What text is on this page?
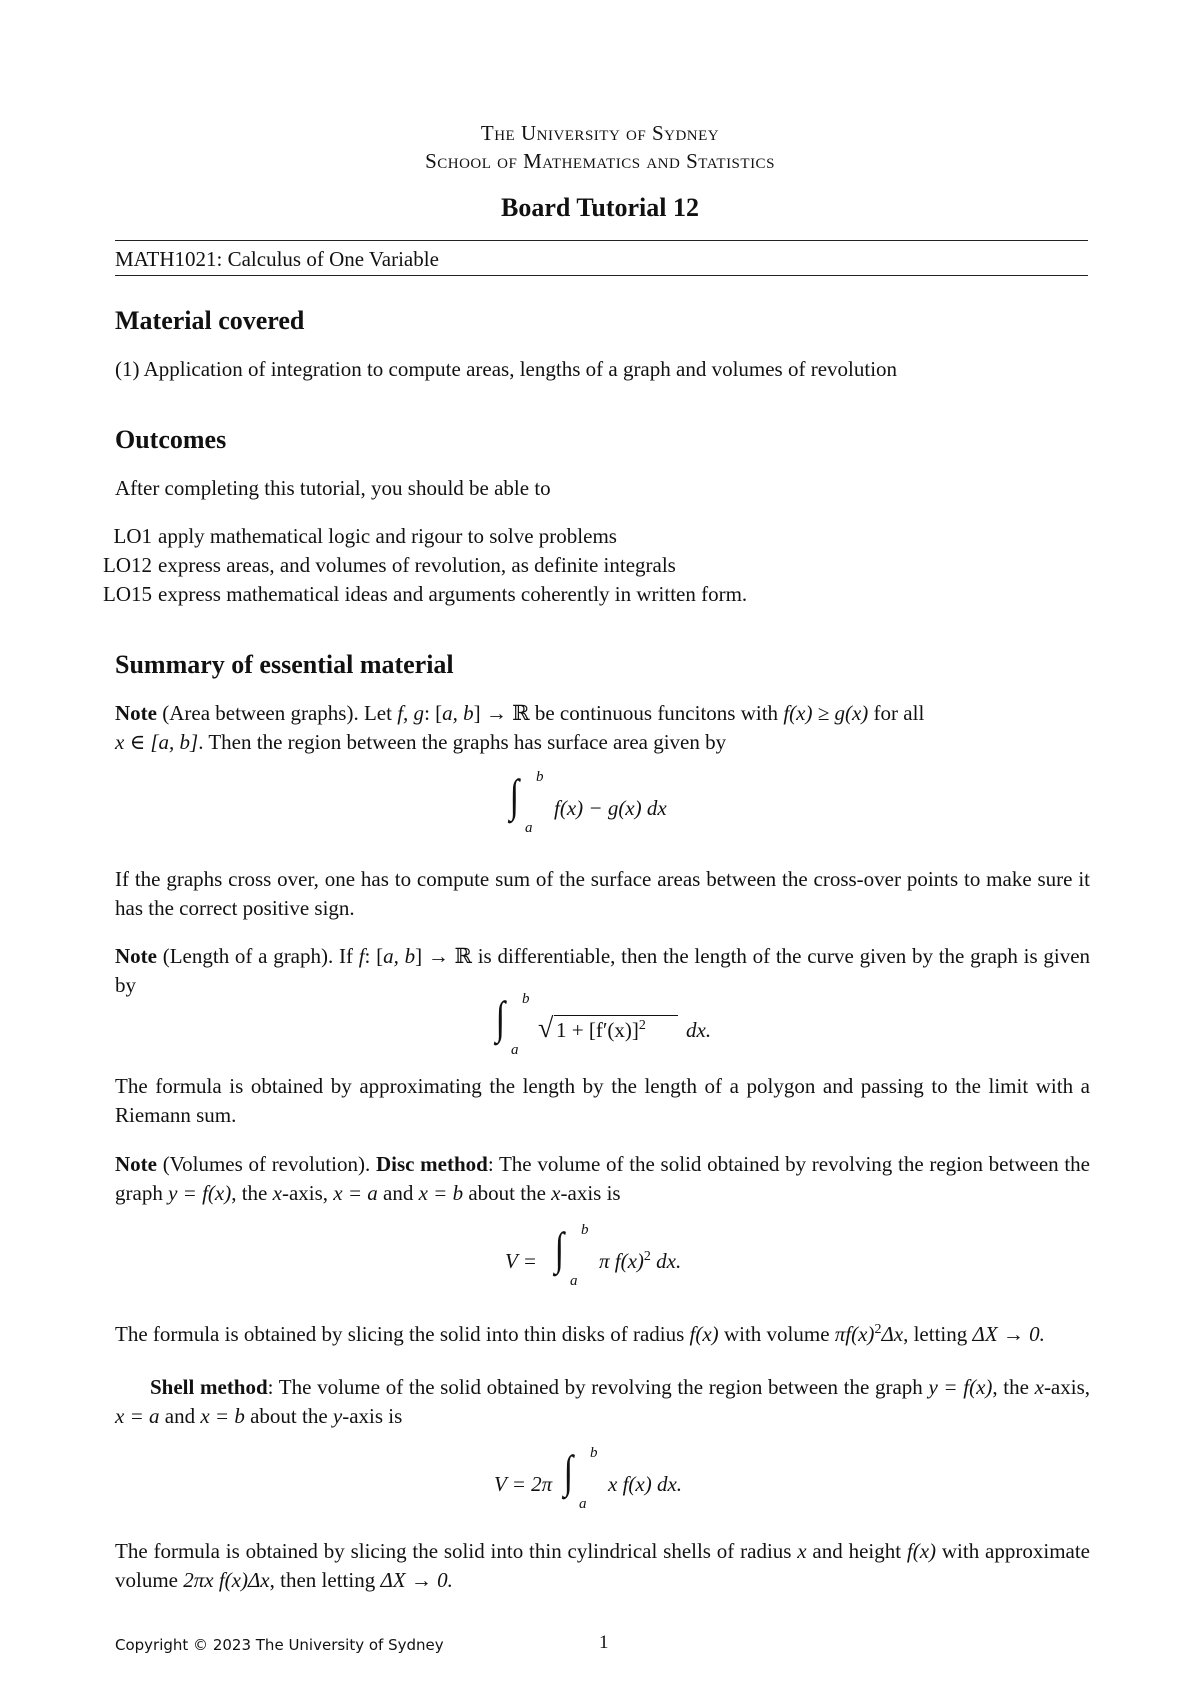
The University of Sydney
School of Mathematics and Statistics
Board Tutorial 12
MATH1021: Calculus of One Variable
Material covered
(1) Application of integration to compute areas, lengths of a graph and volumes of revolution
Outcomes
After completing this tutorial, you should be able to
LO1 apply mathematical logic and rigour to solve problems
LO12 express areas, and volumes of revolution, as definite integrals
LO15 express mathematical ideas and arguments coherently in written form.
Summary of essential material
Note (Area between graphs). Let f, g: [a, b] → ℝ be continuous funcitons with f(x) ≥ g(x) for all
x ∈ [a, b]. Then the region between the graphs has surface area given by
∫ b
a
f(x) − g(x) dx
If the graphs cross over, one has to compute sum of the surface areas between the cross-over points to make sure it has the correct positive sign.
Note (Length of a graph). If f: [a, b] → ℝ is differentiable, then the length of the curve given by the graph is given by
∫ b
a
√ $1 + [f'(x)]^2$ dx.
The formula is obtained by approximating the length by the length of a polygon and passing to the limit with a Riemann sum.
Note (Volumes of revolution). Disc method: The volume of the solid obtained by revolving the region between the graph y = f(x), the x-axis, x = a and x = b about the x-axis is
V = ∫ b
a
π $f(x)^2$ dx.
The formula is obtained by slicing the solid into thin disks of radius f(x) with volume $\pi f(x)^2\Delta x$, letting ΔX → 0.
Shell method: The volume of the solid obtained by revolving the region between the graph y = f(x), the x-axis, x = a and x = b about the y-axis is
V = 2π ∫ b
a
x f(x) dx.
The formula is obtained by slicing the solid into thin cylindrical shells of radius x and height f(x) with approximate volume 2πx f(x)Δx, then letting ΔX → 0.
Copyright © 2023 The University of Sydney	1
